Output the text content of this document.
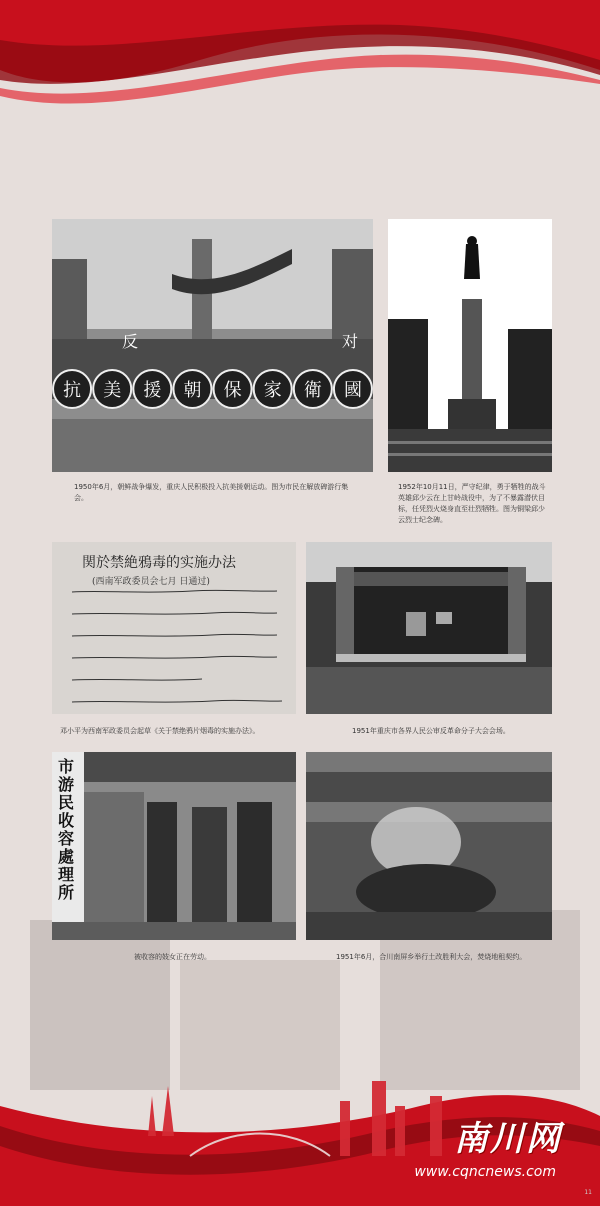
抗 美 援 朝 保 家 衛 國
反	对
1950年6月，朝鲜战争爆发，重庆人民积极投入抗美援朝运动。图为市民在解放碑游行集会。
1952年10月11日，严守纪律，勇于牺牲的战斗英雄邱少云在上甘岭战役中，为了不暴露潜伏目标，任凭烈火烧身直至壮烈牺牲。图为铜梁邱少云烈士纪念碑。
関於禁絶鴉毒的实施办法
(西南军政委员会七月 日通过)
邓小平为西南军政委员会起草《关于禁绝鸦片烟毒的实施办法》。	1951年重庆市各界人民公审反革命分子大会会场。
市游民收容處理所
被收容的妓女正在劳动。	1951年6月，合川南屏乡举行土改胜利大会，焚烧地租契约。
南川网
www.cqncnews.com
11
